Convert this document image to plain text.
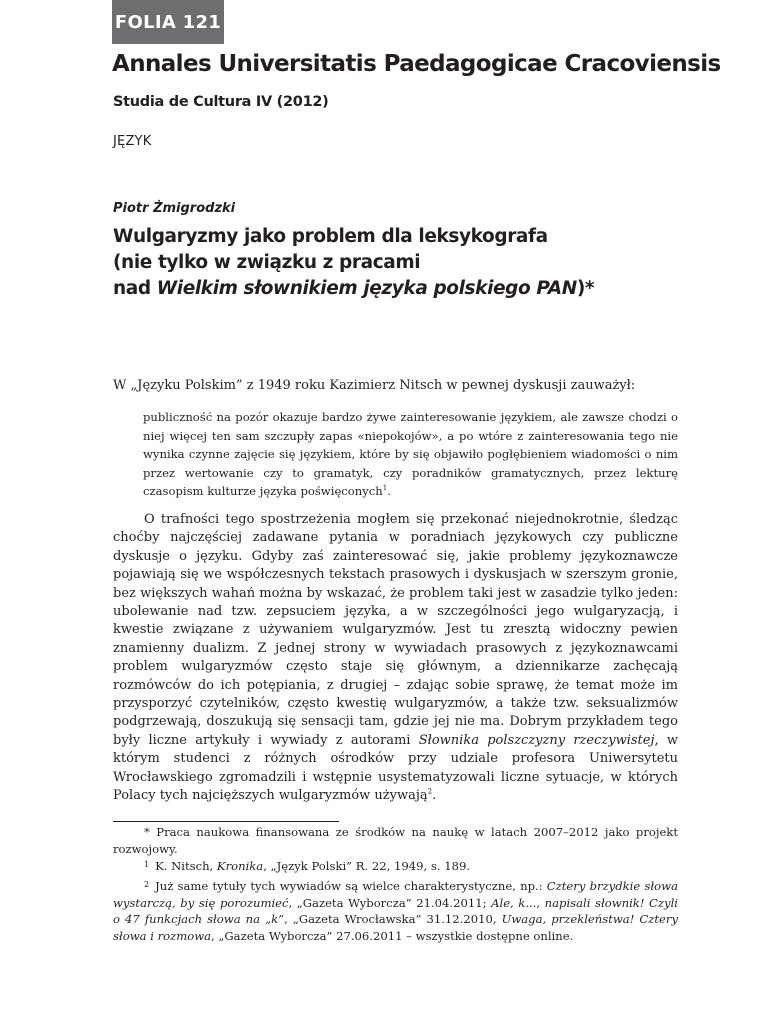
FOLIA 121
Annales Universitatis Paedagogicae Cracoviensis
Studia de Cultura IV (2012)
JĘZYK
Piotr Żmigrodzki
Wulgaryzmy jako problem dla leksykografa
(nie tylko w związku z pracami
nad Wielkim słownikiem języka polskiego PAN)*
W „Języku Polskim” z 1949 roku Kazimierz Nitsch w pewnej dyskusji zauważył:
publiczność na pozór okazuje bardzo żywe zainteresowanie językiem, ale zawsze chodzi o niej więcej ten sam szczupły zapas «niepokojów», a po wtóre z zainteresowania tego nie wynika czynne zajęcie się językiem, które by się objawiło pogłębieniem wiadomości o nim przez wertowanie czy to gramatyk, czy poradników gramatycznych, przez lekturę czasopism kulturze języka poświęconych$^1$.
O trafności tego spostrzeżenia mogłem się przekonać niejednokrotnie, śledząc choćby najczęściej zadawane pytania w poradniach językowych czy publiczne dyskusje o języku. Gdyby zaś zainteresować się, jakie problemy językoznawcze pojawiają się we współczesnych tekstach prasowych i dyskusjach w szerszym gronie, bez większych wahań można by wskazać, że problem taki jest w zasadzie tylko jeden: ubolewanie nad tzw. zepsuciem języka, a w szczególności jego wulgaryzacją, i kwestie związane z używaniem wulgaryzmów. Jest tu zresztą widoczny pewien znamienny dualizm. Z jednej strony w wywiadach prasowych z językoznawcami problem wulgaryzmów często staje się głównym, a dziennikarze zachęcają rozmówców do ich potępiania, z drugiej – zdając sobie sprawę, że temat może im przysporzyć czytelników, często kwestię wulgaryzmów, a także tzw. seksualizmów podgrzewają, doszukują się sensacji tam, gdzie jej nie ma. Dobrym przykładem tego były liczne artykuły i wywiady z autorami Słownika polszczyzny rzeczywistej, w którym studenci z różnych ośrodków przy udziale profesora Uniwersytetu Wrocławskiego zgromadzili i wstępnie usystematyzowali liczne sytuacje, w których Polacy tych najcięższych wulgaryzmów używają$^2$.
* Praca naukowa finansowana ze środków na naukę w latach 2007–2012 jako projekt rozwojowy.
$^1$ K. Nitsch, Kronika, „Język Polski” R. 22, 1949, s. 189.
$^2$ Już same tytuły tych wywiadów są wielce charakterystyczne, np.: Cztery brzydkie słowa wystarczą, by się porozumieć, „Gazeta Wyborcza” 21.04.2011; Ale, k..., napisali słownik! Czyli o 47 funkcjach słowa na „k”, „Gazeta Wrocławska” 31.12.2010, Uwaga, przekleństwa! Cztery słowa i rozmowa, „Gazeta Wyborcza” 27.06.2011 – wszystkie dostępne online.
